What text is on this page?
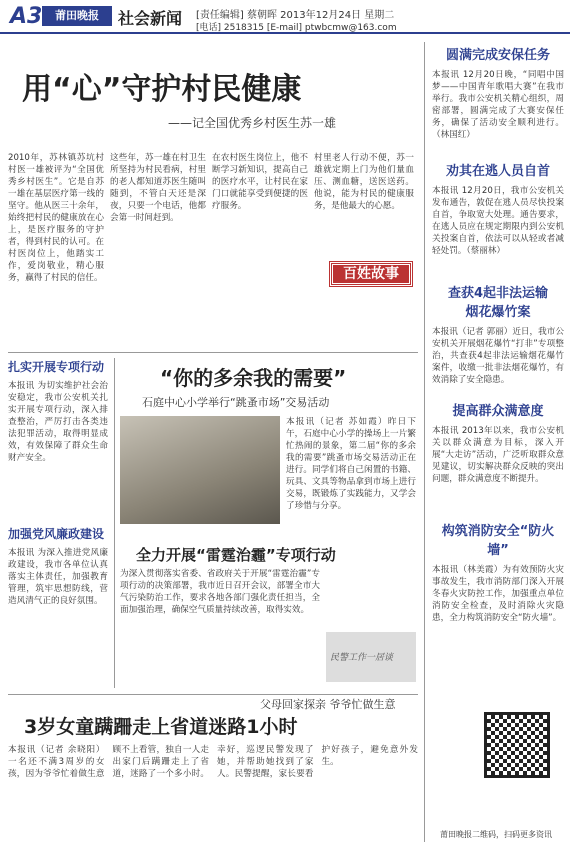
A3	莆田晚报	社会新闻 [责任编辑] 蔡朝晖 2013年12月24日 星期二
[电话] 2518315 [E-mail] ptwbcmw@163.com
用“心”守护村民健康
——记全国优秀乡村医生苏一雄
2010年，苏林镇苏坑村村医一雄被评为“全国优秀乡村医生”。它是自苏一雄在基层医疗第一线的坚守。他从医三十余年，始终把村民的健康放在心上，是医疗服务的守护者，得到村民的认可。在村医岗位上，他踏实工作，爱岗敬业，精心服务，赢得了村民的信任。
这些年，苏一雄在村卫生所坚持为村民看病，村里的老人都知道苏医生随叫随到，不管白天还是深夜，只要一个电话，他都会第一时间赶到。
在农村医生岗位上，他不断学习新知识，提高自己的医疗水平，让村民在家门口就能享受到便捷的医疗服务。
村里老人行动不便，苏一雄就定期上门为他们量血压、测血糖，送医送药。他说，能为村民的健康服务，是他最大的心愿。
百姓故事
扎实开展专项行动
本报讯 为切实维护社会治安稳定，我市公安机关扎实开展专项行动，深入排查整治，严厉打击各类违法犯罪活动，取得明显成效，有效保障了群众生命财产安全。
加强党风廉政建设
本报讯 为深入推进党风廉政建设，我市各单位认真落实主体责任，加强教育管理，筑牢思想防线，营造风清气正的良好氛围。
“你的多余我的需要”
石庭中心小学举行“跳蚤市场”交易活动
本报讯（记者 苏如霞）昨日下午，石庭中心小学的操场上一片繁忙热闹的景象，第二届“你的多余我的需要”跳蚤市场交易活动正在进行。同学们将自己闲置的书籍、玩具、文具等物品拿到市场上进行交易，既锻炼了实践能力，又学会了珍惜与分享。
全力开展“雷霆治霾”专项行动
为深入贯彻落实省委、省政府关于开展“雷霆治霾”专项行动的决策部署，我市近日召开会议，部署全市大气污染防治工作，要求各地各部门强化责任担当，全面加强治理，确保空气质量持续改善，取得实效。
民警工作一居谈
父母回家探亲 爷爷忙做生意
3岁女童蹒跚走上省道迷路1小时
本报讯（记者 余晓阳）一名还不满3周岁的女孩，因为爷爷忙着做生意顾不上看管，独自一人走出家门后蹒跚走上了省道，迷路了一个多小时。幸好，巡逻民警发现了她，并帮助她找到了家人。民警提醒，家长要看护好孩子，避免意外发生。
圆满完成安保任务
本报讯 12月20日晚，“同唱中国梦——中国青年歌唱大赛”在我市举行。我市公安机关精心组织，周密部署，圆满完成了大赛安保任务，确保了活动安全顺利进行。（林国红）
劝其在逃人员自首
本报讯 12月20日，我市公安机关发布通告，敦促在逃人员尽快投案自首，争取宽大处理。通告要求，在逃人员应在规定期限内到公安机关投案自首，依法可以从轻或者减轻处罚。（蔡丽林）
查获4起非法运输
烟花爆竹案
本报讯（记者 郭丽）近日，我市公安机关开展烟花爆竹“打非”专项整治，共查获4起非法运输烟花爆竹案件，收缴一批非法烟花爆竹，有效消除了安全隐患。
提高群众满意度
本报讯 2013年以来，我市公安机关以群众满意为目标，深入开展“大走访”活动，广泛听取群众意见建议，切实解决群众反映的突出问题，群众满意度不断提升。
构筑消防安全“防火墙”
本报讯（林美霞）为有效预防火灾事故发生，我市消防部门深入开展冬春火灾防控工作，加强重点单位消防安全检查，及时消除火灾隐患，全力构筑消防安全“防火墙”。
莆田晚报二维码，扫码更多资讯
